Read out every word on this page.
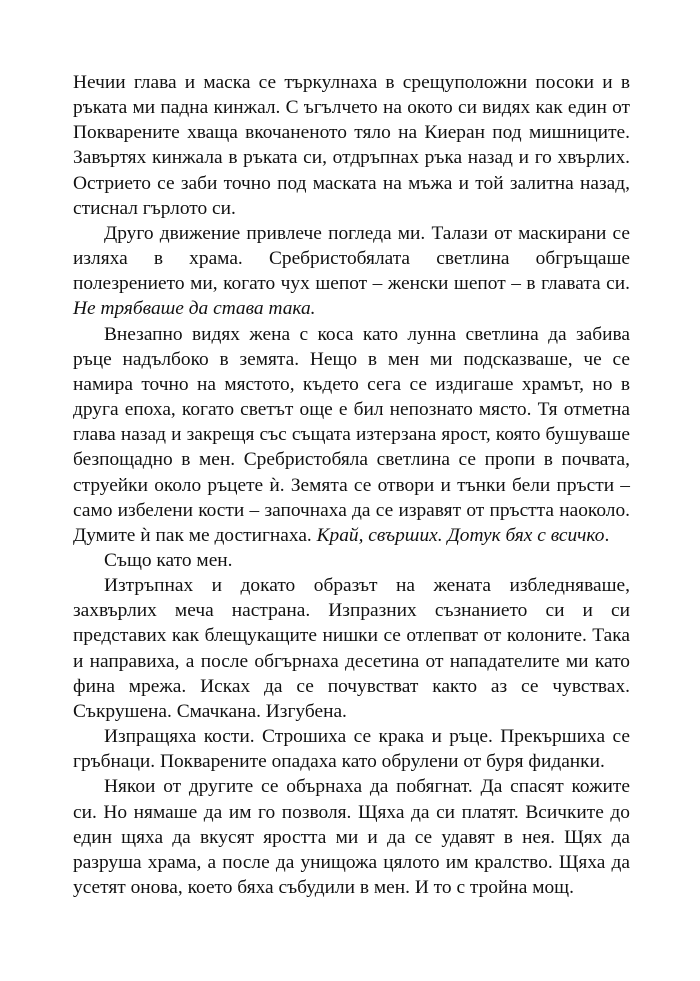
Нечии глава и маска се търкулнаха в срещуположни посоки и в ръката ми падна кинжал. С ъгълчето на окото си видях как един от Покварените хваща вкочаненото тяло на Киеран под мишниците. Завъртях кинжала в ръката си, отдръпнах ръка назад и го хвърлих. Острието се заби точно под маската на мъжа и той залитна назад, стиснал гърлото си.

Друго движение привлече погледа ми. Талази от маскирани се изляха в храма. Сребристобялата светлина обгръщаше полезрението ми, когато чух шепот – женски шепот – в главата си. Не трябваше да става така.

Внезапно видях жена с коса като лунна светлина да забива ръце надълбоко в земята. Нещо в мен ми подсказваше, че се намира точно на мястото, където сега се издигаше храмът, но в друга епоха, когато светът още е бил непознато място. Тя отметна глава назад и закрещя със същата изтерзана ярост, която бушуваше безпощадно в мен. Сребристобяла светлина се пропи в почвата, струейки около ръцете ѝ. Земята се отвори и тънки бели пръсти – само избелени кости – започнаха да се изравят от пръстта наоколо. Думите ѝ пак ме достигнаха. Край, свърших. Дотук бях с всичко.

Също като мен.

Изтръпнах и докато образът на жената избледняваше, захвърлих меча настрана. Изпразних съзнанието си и си представих как блещукащите нишки се отлепват от колоните. Така и направиха, а после обгърнаха десетина от нападателите ми като фина мрежа. Исках да се почувстват както аз се чувствах. Съкрушена. Смачкана. Изгубена.

Изпращяха кости. Строшиха се крака и ръце. Прекършиха се гръбнаци. Покварените опадаха като обрулени от буря фиданки.

Някои от другите се обърнаха да побягнат. Да спасят кожите си. Но нямаше да им го позволя. Щяха да си платят. Всичките до един щяха да вкусят яростта ми и да се удавят в нея. Щях да разруша храма, а после да унищожа цялото им кралство. Щяха да усетят онова, което бяха събудили в мен. И то с тройна мощ.
